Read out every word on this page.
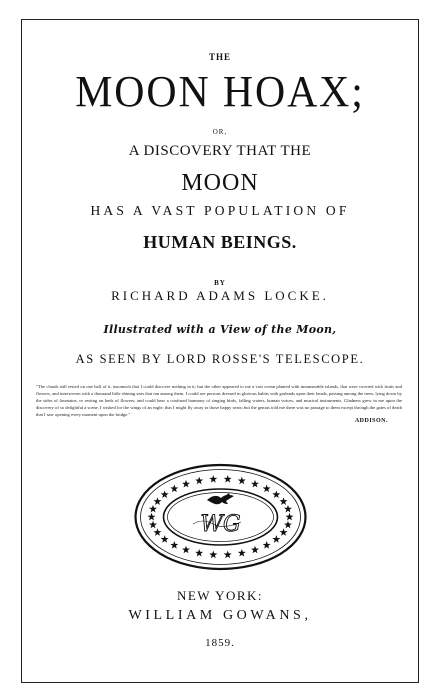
THE
MOON HOAX;
OR,
A DISCOVERY THAT THE
MOON
HAS A VAST POPULATION OF
HUMAN BEINGS.
BY
RICHARD ADAMS LOCKE.
Illustrated with a View of the Moon,
AS SEEN BY LORD ROSSE'S TELESCOPE.
"The clouds still rested on one half of it, insomuch that I could discover nothing in it; but the other appeared to me a vast ocean planted with innumerable islands, that were covered with fruits and flowers, and interwoven with a thousand little shining seas that ran among them. I could see persons dressed in glorious habits with garlands upon their heads, passing among the trees, lying down by the sides of fountains, or resting on beds of flowers; and could hear a confused harmony of singing birds, falling waters, human voices, and musical instruments. Gladness grew in me upon the discovery of so delightful a scene. I wished for the wings of an eagle, that I might fly away to those happy seats; but the genius told me there was no passage to them except through the gates of death that I saw opening every moment upon the bridge."
ADDISON.
WG
NEW YORK:
WILLIAM GOWANS,
1859.
